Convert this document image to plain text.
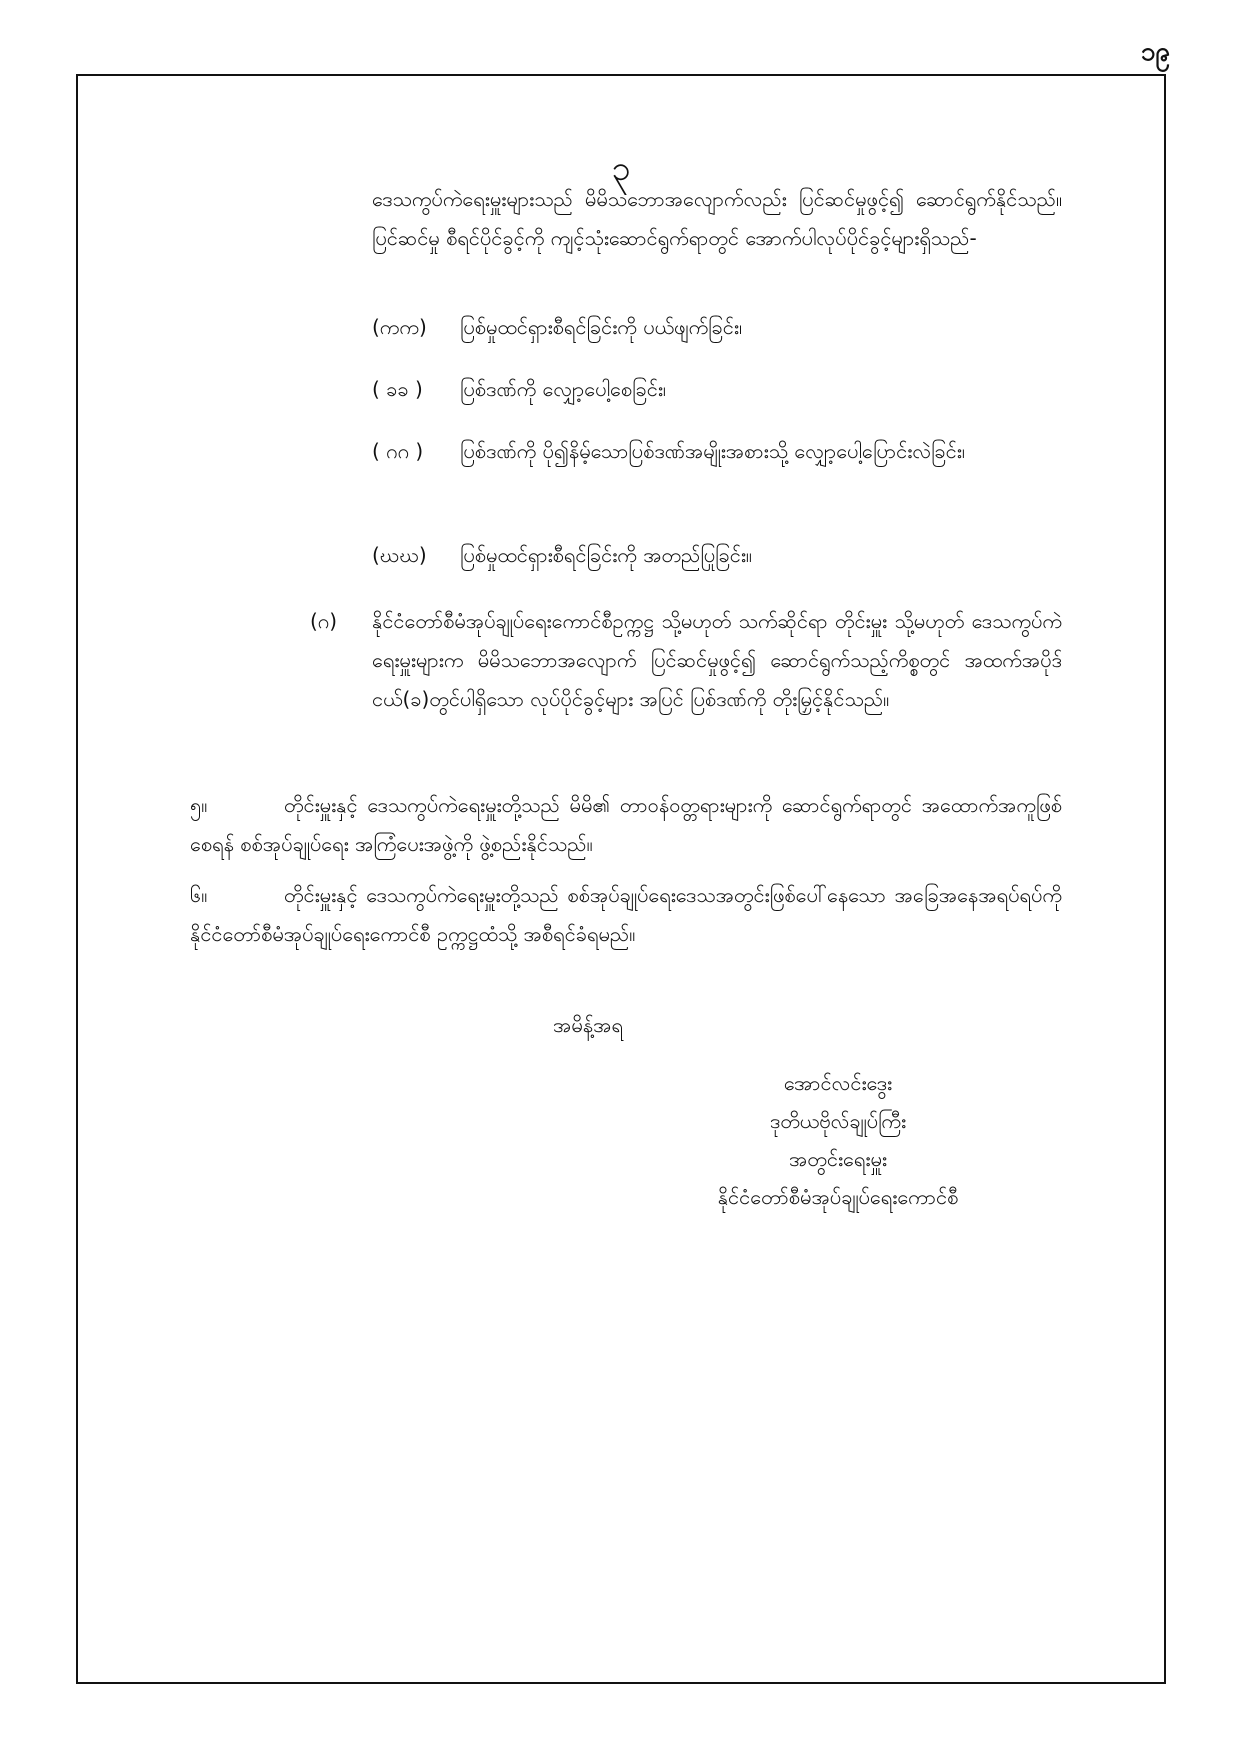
၁၉
၃
ဒေသကွပ်ကဲရေးမှူးများသည် မိမိသဘောအလျောက်လည်း ပြင်ဆင်မှုဖွင့်၍ ဆောင်ရွက်နိုင်သည်။ ပြင်ဆင်မှု စီရင်ပိုင်ခွင့်ကို ကျင့်သုံးဆောင်ရွက်ရာတွင် အောက်ပါလုပ်ပိုင်ခွင့်များရှိသည်-
(ကက) ပြစ်မှုထင်ရှားစီရင်ခြင်းကို ပယ်ဖျက်ခြင်း၊
( ခခ ) ပြစ်ဒဏ်ကို လျှော့ပေါ့စေခြင်း၊
( ဂဂ ) ပြစ်ဒဏ်ကို ပို၍နိမ့်သောပြစ်ဒဏ်အမျိုးအစားသို့ လျှော့ပေါ့ပြောင်းလဲခြင်း၊
(ဃဃ) ပြစ်မှုထင်ရှားစီရင်ခြင်းကို အတည်ပြုခြင်း။
(ဂ) နိုင်ငံတော်စီမံအုပ်ချုပ်ရေးကောင်စီဥက္ကဋ္ဌ သို့မဟုတ် သက်ဆိုင်ရာ တိုင်းမှူး သို့မဟုတ် ဒေသကွပ်ကဲရေးမှူးများက မိမိသဘောအလျောက် ပြင်ဆင်မှုဖွင့်၍ ဆောင်ရွက်သည့်ကိစ္စတွင် အထက်အပိုဒ်ငယ်(ခ)တွင်ပါရှိသော လုပ်ပိုင်ခွင့်များ အပြင် ပြစ်ဒဏ်ကို တိုးမြှင့်နိုင်သည်။
၅။	တိုင်းမှူးနှင့် ဒေသကွပ်ကဲရေးမှူးတို့သည် မိမိ၏ တာဝန်ဝတ္တရားများကို ဆောင်ရွက်ရာတွင် အထောက်အကူဖြစ်စေရန် စစ်အုပ်ချုပ်ရေး အကြံပေးအဖွဲ့ကို ဖွဲ့စည်းနိုင်သည်။
၆။	တိုင်းမှူးနှင့် ဒေသကွပ်ကဲရေးမှူးတို့သည် စစ်အုပ်ချုပ်ရေးဒေသအတွင်းဖြစ်ပေါ်နေသော အခြေအနေအရပ်ရပ်ကို နိုင်ငံတော်စီမံအုပ်ချုပ်ရေးကောင်စီ ဥက္ကဋ္ဌထံသို့ အစီရင်ခံရမည်။
အမိန့်အရ
အောင်လင်းဒွေး
ဒုတိယဗိုလ်ချုပ်ကြီး
အတွင်းရေးမှူး
နိုင်ငံတော်စီမံအုပ်ချုပ်ရေးကောင်စီ
